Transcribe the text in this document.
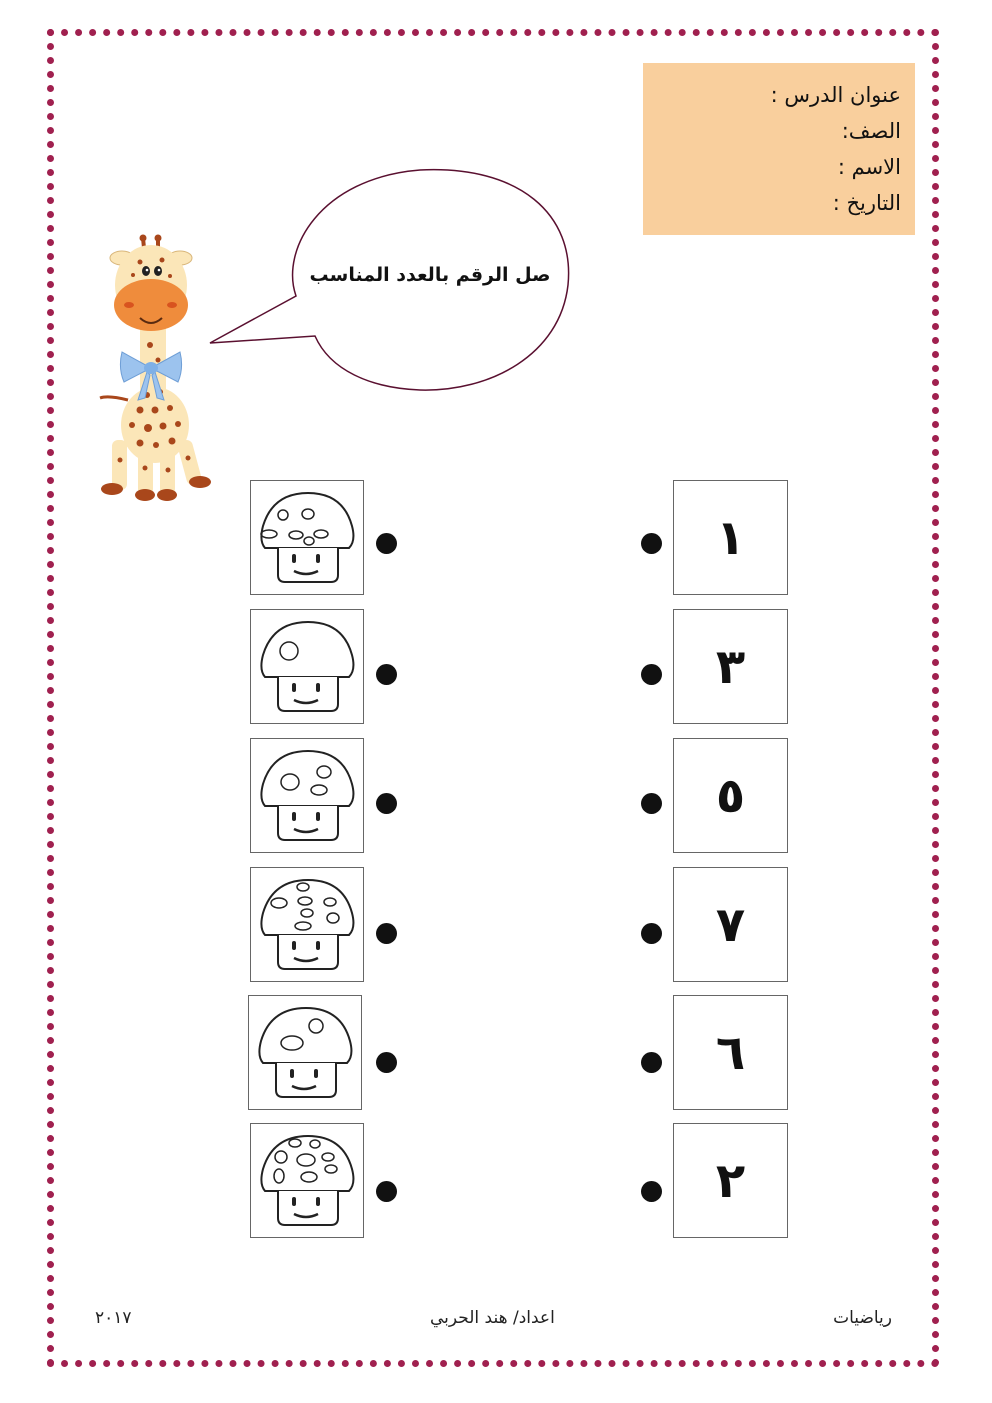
عنوان الدرس :
الصف:
الاسم :
التاريخ :
صل الرقم بالعدد المناسب
١
٣
٥
٧
٦
٢
رياضيات
اعداد/ هند الحربي
٢٠١٧
